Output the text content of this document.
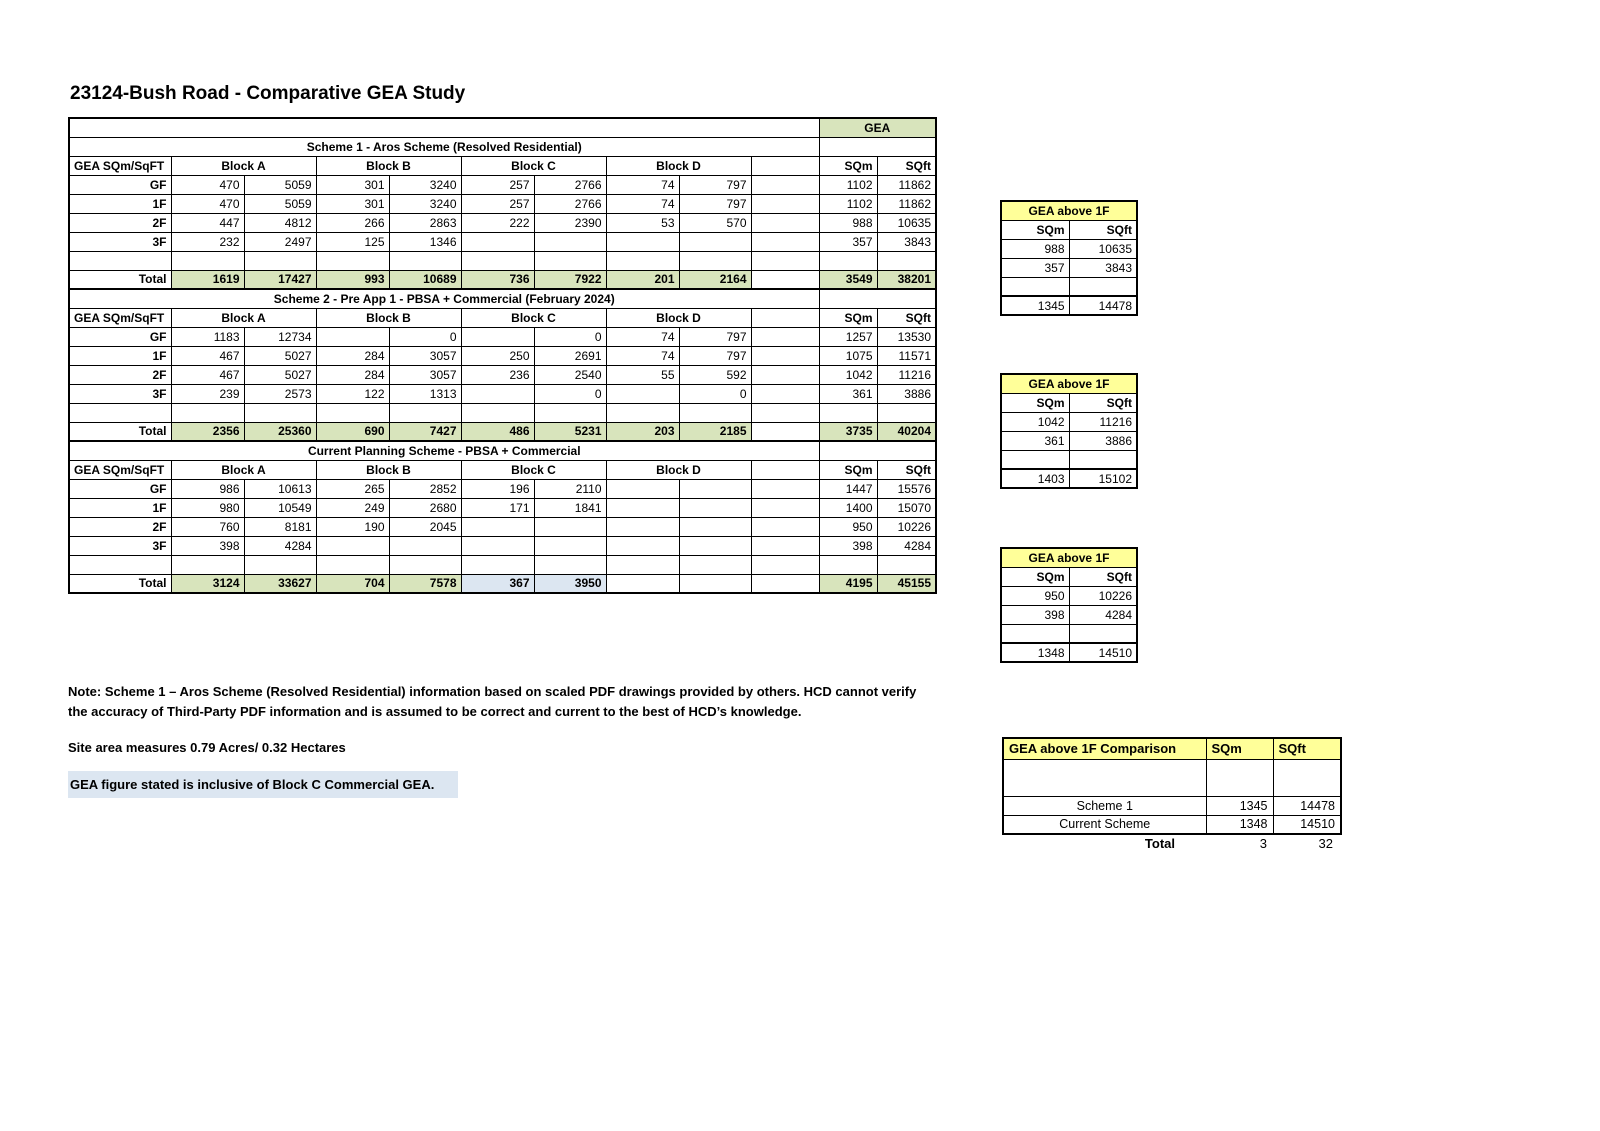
23124-Bush Road - Comparative GEA Study
										GEA	
Scheme 1 - Aros Scheme (Resolved Residential)											
GEA SQm/SqFT	Block A		Block B		Block C		Block D			SQm	SQft
GF	470	5059	301	3240	257	2766	74	797		1102	11862
1F	470	5059	301	3240	257	2766	74	797		1102	11862
2F	447	4812	266	2863	222	2390	53	570		988	10635
3F	232	2497	125	1346						357	3843

Total	1619	17427	993	10689	736	7922	201	2164		3549	38201
Scheme 2 - Pre App 1 - PBSA + Commercial (February 2024)											
GEA SQm/SqFT	Block A		Block B		Block C		Block D			SQm	SQft
GF	1183	12734		0		0	74	797		1257	13530
1F	467	5027	284	3057	250	2691	74	797		1075	11571
2F	467	5027	284	3057	236	2540	55	592		1042	11216
3F	239	2573	122	1313		0		0		361	3886

Total	2356	25360	690	7427	486	5231	203	2185		3735	40204
Current Planning Scheme - PBSA + Commercial											
GEA SQm/SqFT	Block A		Block B		Block C		Block D			SQm	SQft
GF	986	10613	265	2852	196	2110				1447	15576
1F	980	10549	249	2680	171	1841				1400	15070
2F	760	8181	190	2045						950	10226
3F	398	4284								398	4284

Total	3124	33627	704	7578	367	3950				4195	45155
GEA above 1F	
SQm	SQft
988	10635
357	3843

1345	14478
GEA above 1F	
SQm	SQft
1042	11216
361	3886

1403	15102
GEA above 1F	
SQm	SQft
950	10226
398	4284

1348	14510

Note: Scheme 1 – Aros Scheme (Resolved Residential) information based on scaled PDF drawings provided by others. HCD cannot verify the accuracy of Third-Party PDF information and is assumed to be correct and current to the best of HCD’s knowledge.

Site area measures 0.79 Acres/ 0.32 Hectares

GEA figure stated is inclusive of Block C Commercial GEA.

GEA above 1F Comparison	SQm	SQft

Scheme 1	1345	14478
Current Scheme	1348	14510
Total	3	32
